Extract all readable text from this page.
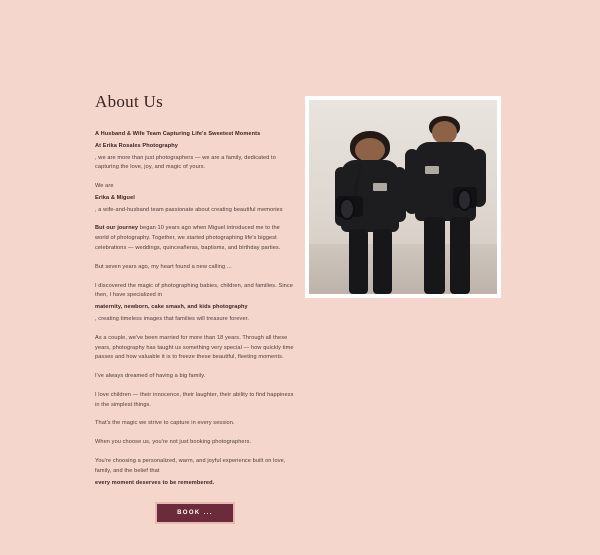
About Us

A Husband & Wife Team Capturing Life's Sweetest Moments

At Erika Rosales Photography

, we are more than just photographers — we are a family, dedicated to capturing the love, joy, and magic of yours.

We are

Erika & Miguel

, a wife-and-husband team passionate about creating beautiful memories

But our journey began 10 years ago when Miguel introduced me to the world of photography. Together, we started photographing life's biggest celebrations — weddings, quinceañeras, baptisms, and birthday parties.

But seven years ago, my heart found a new calling ...

I discovered the magic of photographing babies, children, and families. Since then, I have specialized in

maternity, newborn, cake smash, and kids photography

, creating timeless images that families will treasure forever.

As a couple, we've been married for more than 18 years. Through all these years, photography has taught us something very special — how quickly time passes and how valuable it is to freeze these beautiful, fleeting moments.

I've always dreamed of having a big family.

I love children — their innocence, their laughter, their ability to find happiness in the simplest things.

That's the magic we strive to capture in every session.

When you choose us, you're not just booking photographers.

You're choosing a personalized, warm, and joyful experience built on love, family, and the belief that

every moment deserves to be remembered.

BOOK ...
